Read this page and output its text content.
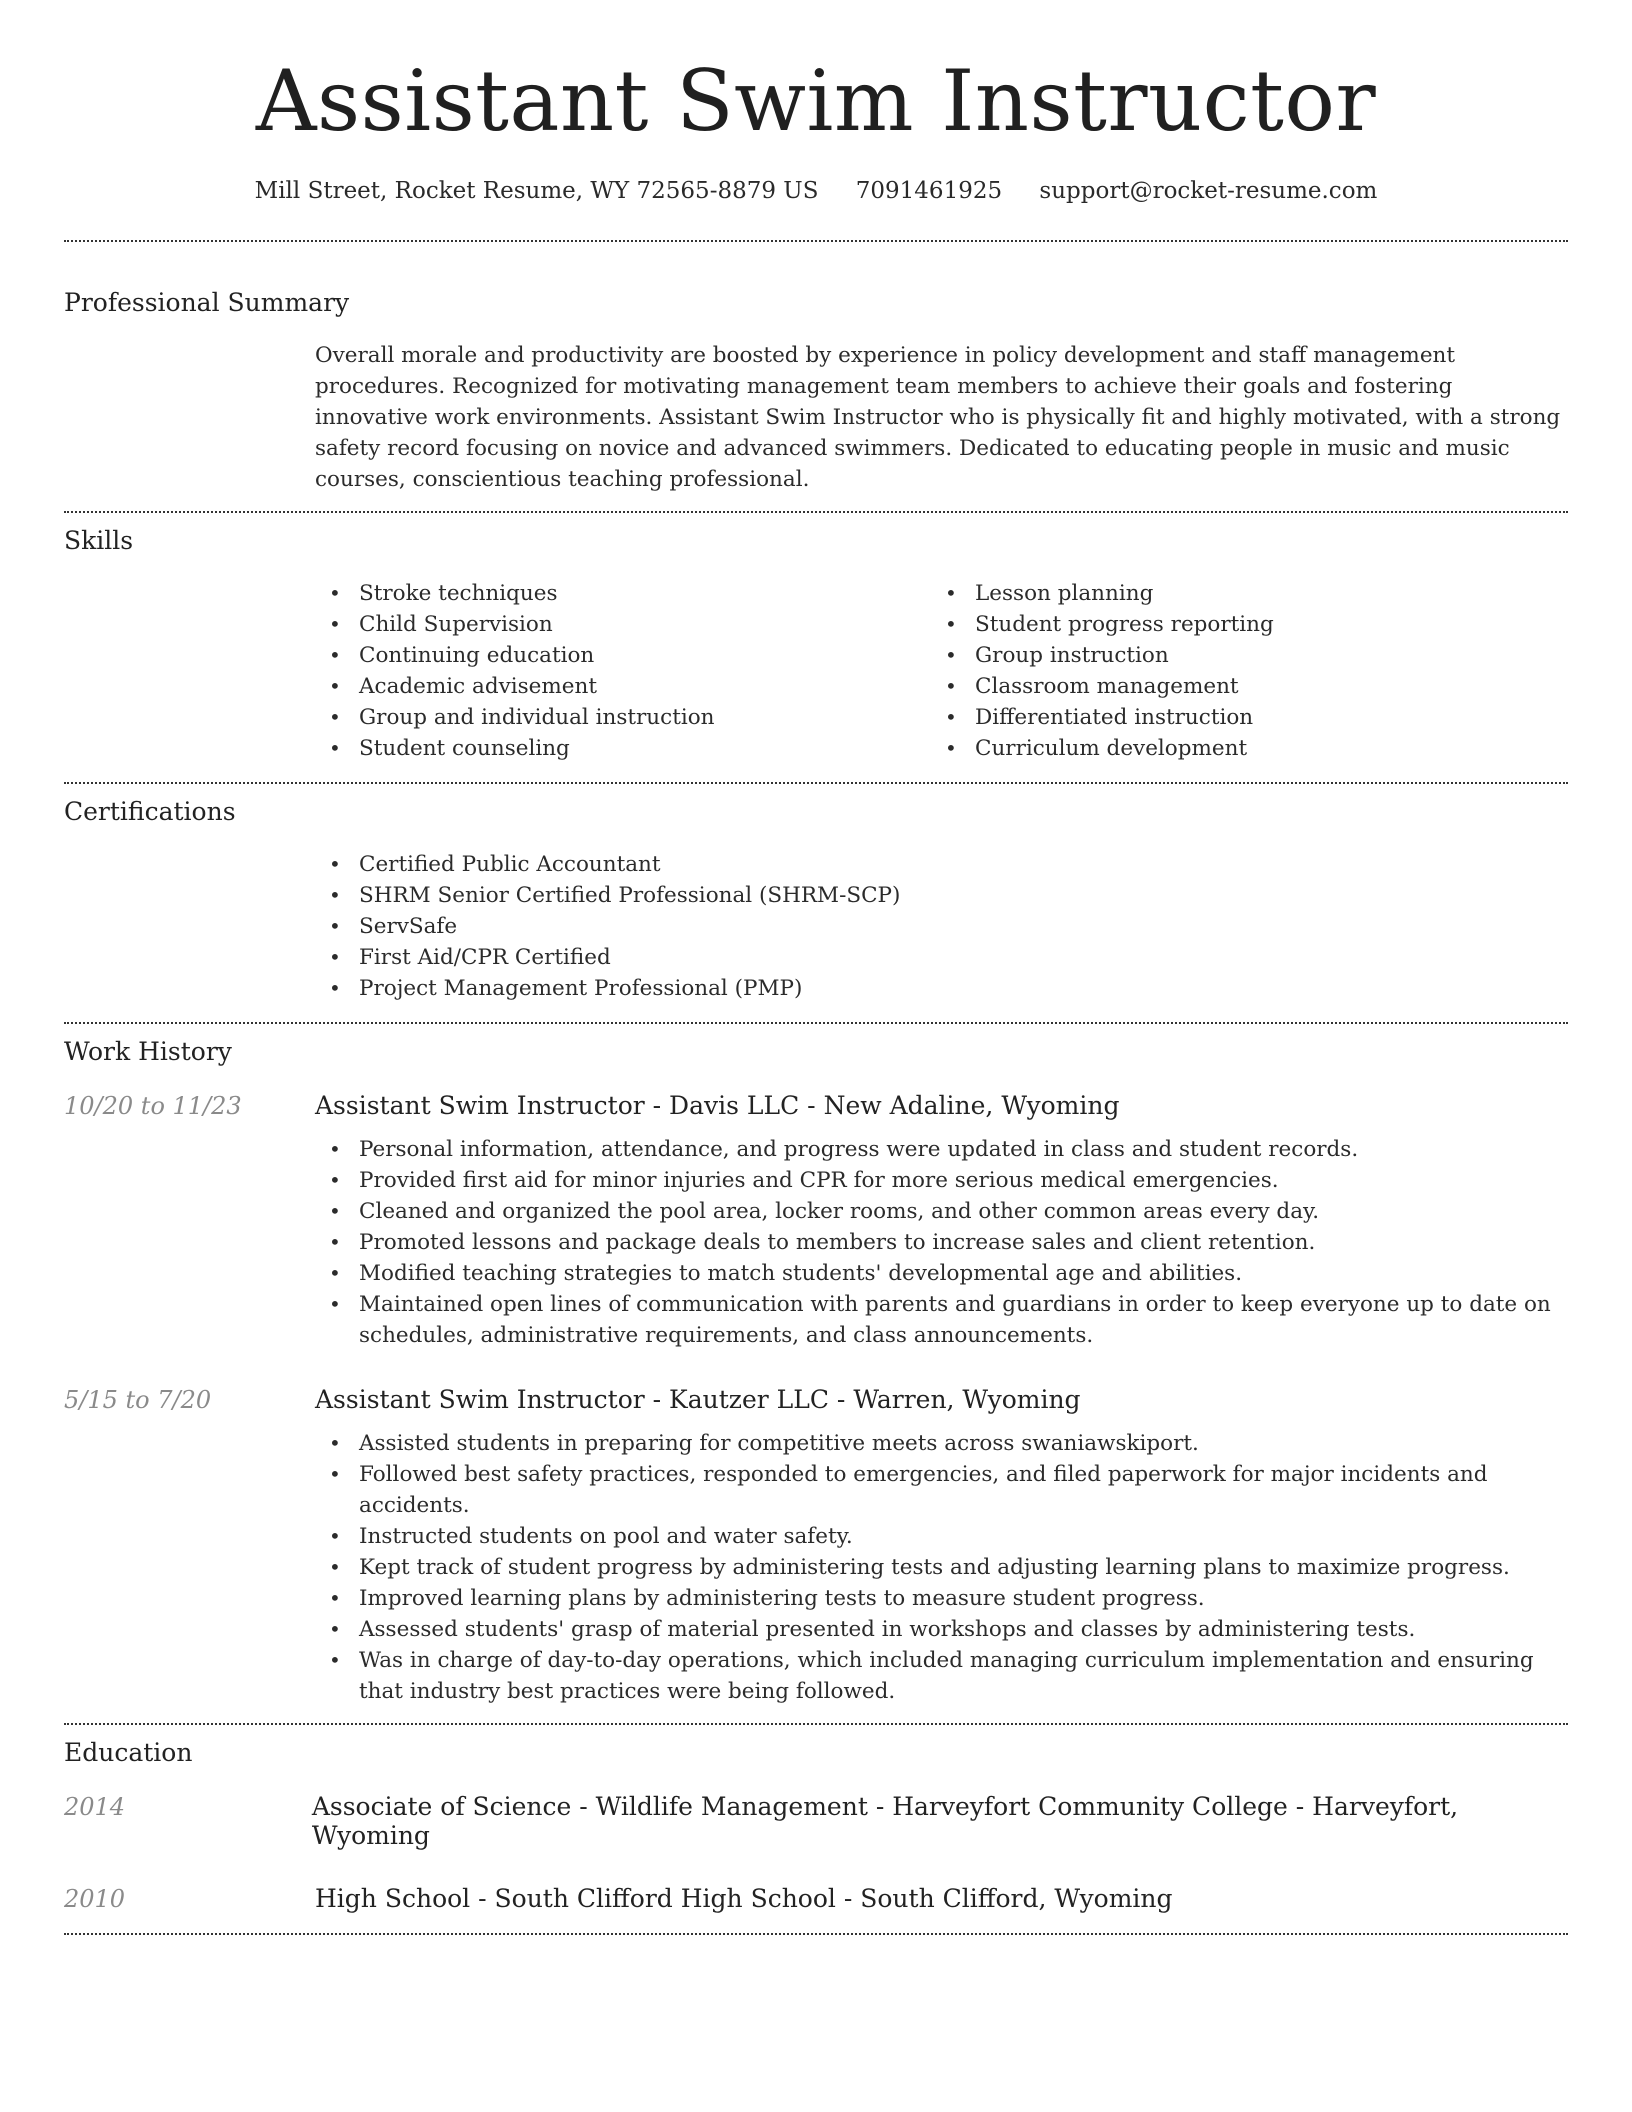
Assistant Swim Instructor
Mill Street, Rocket Resume, WY 72565-8879 US 7091461925 support@rocket-resume.com
Professional Summary
Overall morale and productivity are boosted by experience in policy development and staff management procedures. Recognized for motivating management team members to achieve their goals and fostering innovative work environments. Assistant Swim Instructor who is physically fit and highly motivated, with a strong safety record focusing on novice and advanced swimmers. Dedicated to educating people in music and music courses, conscientious teaching professional.
Skills
• Stroke techniques
• Child Supervision
• Continuing education
• Academic advisement
• Group and individual instruction
• Student counseling
• Lesson planning
• Student progress reporting
• Group instruction
• Classroom management
• Differentiated instruction
• Curriculum development
Certifications
• Certified Public Accountant
• SHRM Senior Certified Professional (SHRM-SCP)
• ServSafe
• First Aid/CPR Certified
• Project Management Professional (PMP)
Work History
10/20 to 11/23	Assistant Swim Instructor - Davis LLC - New Adaline, Wyoming
• Personal information, attendance, and progress were updated in class and student records.
• Provided first aid for minor injuries and CPR for more serious medical emergencies.
• Cleaned and organized the pool area, locker rooms, and other common areas every day.
• Promoted lessons and package deals to members to increase sales and client retention.
• Modified teaching strategies to match students' developmental age and abilities.
• Maintained open lines of communication with parents and guardians in order to keep everyone up to date on schedules, administrative requirements, and class announcements.
5/15 to 7/20	Assistant Swim Instructor - Kautzer LLC - Warren, Wyoming
• Assisted students in preparing for competitive meets across swaniawskiport.
• Followed best safety practices, responded to emergencies, and filed paperwork for major incidents and accidents.
• Instructed students on pool and water safety.
• Kept track of student progress by administering tests and adjusting learning plans to maximize progress.
• Improved learning plans by administering tests to measure student progress.
• Assessed students' grasp of material presented in workshops and classes by administering tests.
• Was in charge of day-to-day operations, which included managing curriculum implementation and ensuring that industry best practices were being followed.
Education
2014	Associate of Science - Wildlife Management - Harveyfort Community College - Harveyfort, Wyoming
2010	High School - South Clifford High School - South Clifford, Wyoming
